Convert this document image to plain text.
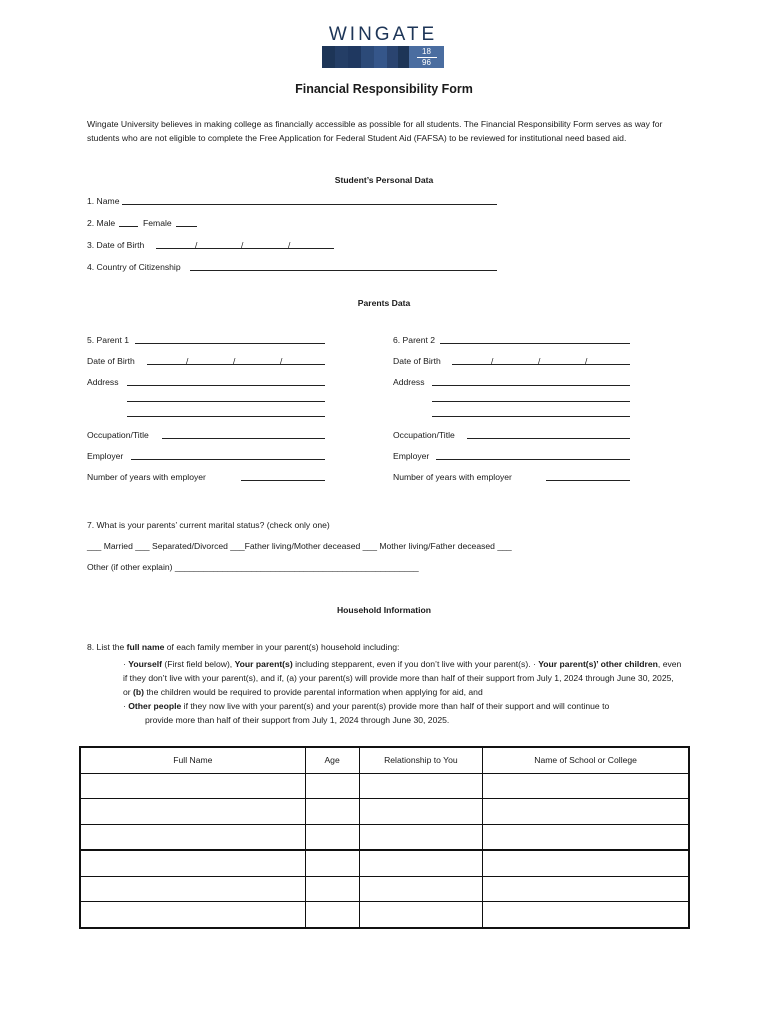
WINGATE
18
96
Financial Responsibility Form
Wingate University believes in making college as financially accessible as possible for all students. The Financial Responsibility Form serves as way for students who are not eligible to complete the Free Application for Federal Student Aid (FAFSA) to be reviewed for institutional need based aid.
Student’s Personal Data
1. Name
2. Male	Female
3. Date of Birth	/	/	/
4. Country of Citizenship
Parents Data
5. Parent 1
Date of Birth	/	/	/
Address
Occupation/Title
Employer
Number of years with employer
6. Parent 2
Date of Birth	/	/	/
Address
Occupation/Title
Employer
Number of years with employer
7. What is your parents’ current marital status? (check only one)
___ Married ___ Separated/Divorced ___Father living/Mother deceased ___ Mother living/Father deceased ___
Other (if other explain) ___________________________________________________
Household Information
8. List the full name of each family member in your parent(s) household including:
· Yourself (First field below), Your parent(s) including stepparent, even if you don’t live with your parent(s). · Your parent(s)’ other children, even if they don’t live with your parent(s), and if, (a) your parent(s) will provide more than half of their support from July 1, 2024 through June 30, 2025, or (b) the children would be required to provide parental information when applying for aid, and
· Other people if they now live with your parent(s) and your parent(s) provide more than half of their support and will continue to
provide more than half of their support from July 1, 2024 through June 30, 2025.
Full Name	Age	Relationship to You	Name of School or College
